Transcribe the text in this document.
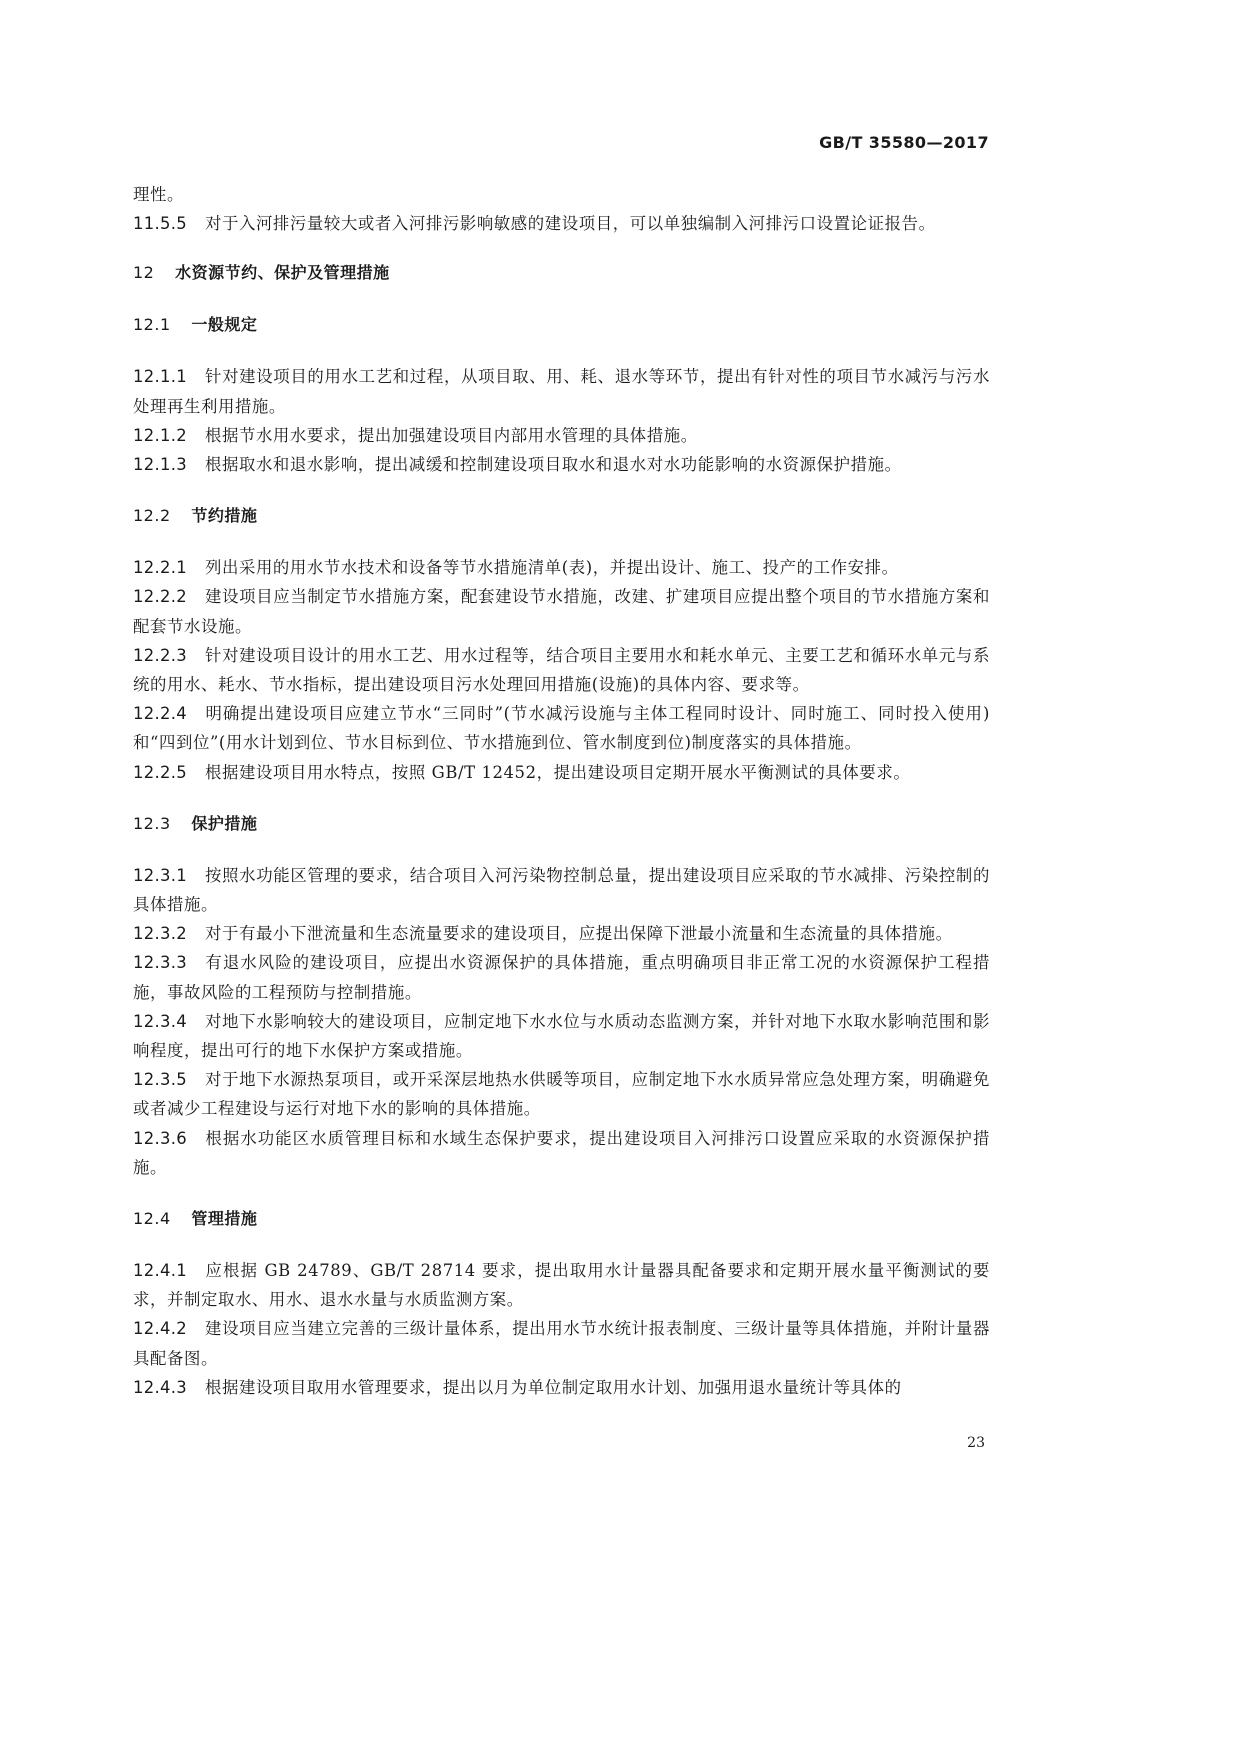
GB/T 35580—2017
理性。
11.5.5 对于入河排污量较大或者入河排污影响敏感的建设项目，可以单独编制入河排污口设置论证报告。
12 水资源节约、保护及管理措施
12.1 一般规定
12.1.1 针对建设项目的用水工艺和过程，从项目取、用、耗、退水等环节，提出有针对性的项目节水减污与污水处理再生利用措施。
12.1.2 根据节水用水要求，提出加强建设项目内部用水管理的具体措施。
12.1.3 根据取水和退水影响，提出减缓和控制建设项目取水和退水对水功能影响的水资源保护措施。
12.2 节约措施
12.2.1 列出采用的用水节水技术和设备等节水措施清单(表)，并提出设计、施工、投产的工作安排。
12.2.2 建设项目应当制定节水措施方案，配套建设节水措施，改建、扩建项目应提出整个项目的节水措施方案和配套节水设施。
12.2.3 针对建设项目设计的用水工艺、用水过程等，结合项目主要用水和耗水单元、主要工艺和循环水单元与系统的用水、耗水、节水指标，提出建设项目污水处理回用措施(设施)的具体内容、要求等。
12.2.4 明确提出建设项目应建立节水“三同时”(节水减污设施与主体工程同时设计、同时施工、同时投入使用)和“四到位”(用水计划到位、节水目标到位、节水措施到位、管水制度到位)制度落实的具体措施。
12.2.5 根据建设项目用水特点，按照 GB/T 12452，提出建设项目定期开展水平衡测试的具体要求。
12.3 保护措施
12.3.1 按照水功能区管理的要求，结合项目入河污染物控制总量，提出建设项目应采取的节水减排、污染控制的具体措施。
12.3.2 对于有最小下泄流量和生态流量要求的建设项目，应提出保障下泄最小流量和生态流量的具体措施。
12.3.3 有退水风险的建设项目，应提出水资源保护的具体措施，重点明确项目非正常工况的水资源保护工程措施，事故风险的工程预防与控制措施。
12.3.4 对地下水影响较大的建设项目，应制定地下水水位与水质动态监测方案，并针对地下水取水影响范围和影响程度，提出可行的地下水保护方案或措施。
12.3.5 对于地下水源热泵项目，或开采深层地热水供暖等项目，应制定地下水水质异常应急处理方案，明确避免或者减少工程建设与运行对地下水的影响的具体措施。
12.3.6 根据水功能区水质管理目标和水域生态保护要求，提出建设项目入河排污口设置应采取的水资源保护措施。
12.4 管理措施
12.4.1 应根据 GB 24789、GB/T 28714 要求，提出取用水计量器具配备要求和定期开展水量平衡测试的要求，并制定取水、用水、退水水量与水质监测方案。
12.4.2 建设项目应当建立完善的三级计量体系，提出用水节水统计报表制度、三级计量等具体措施，并附计量器具配备图。
12.4.3 根据建设项目取用水管理要求，提出以月为单位制定取用水计划、加强用退水量统计等具体的
23
